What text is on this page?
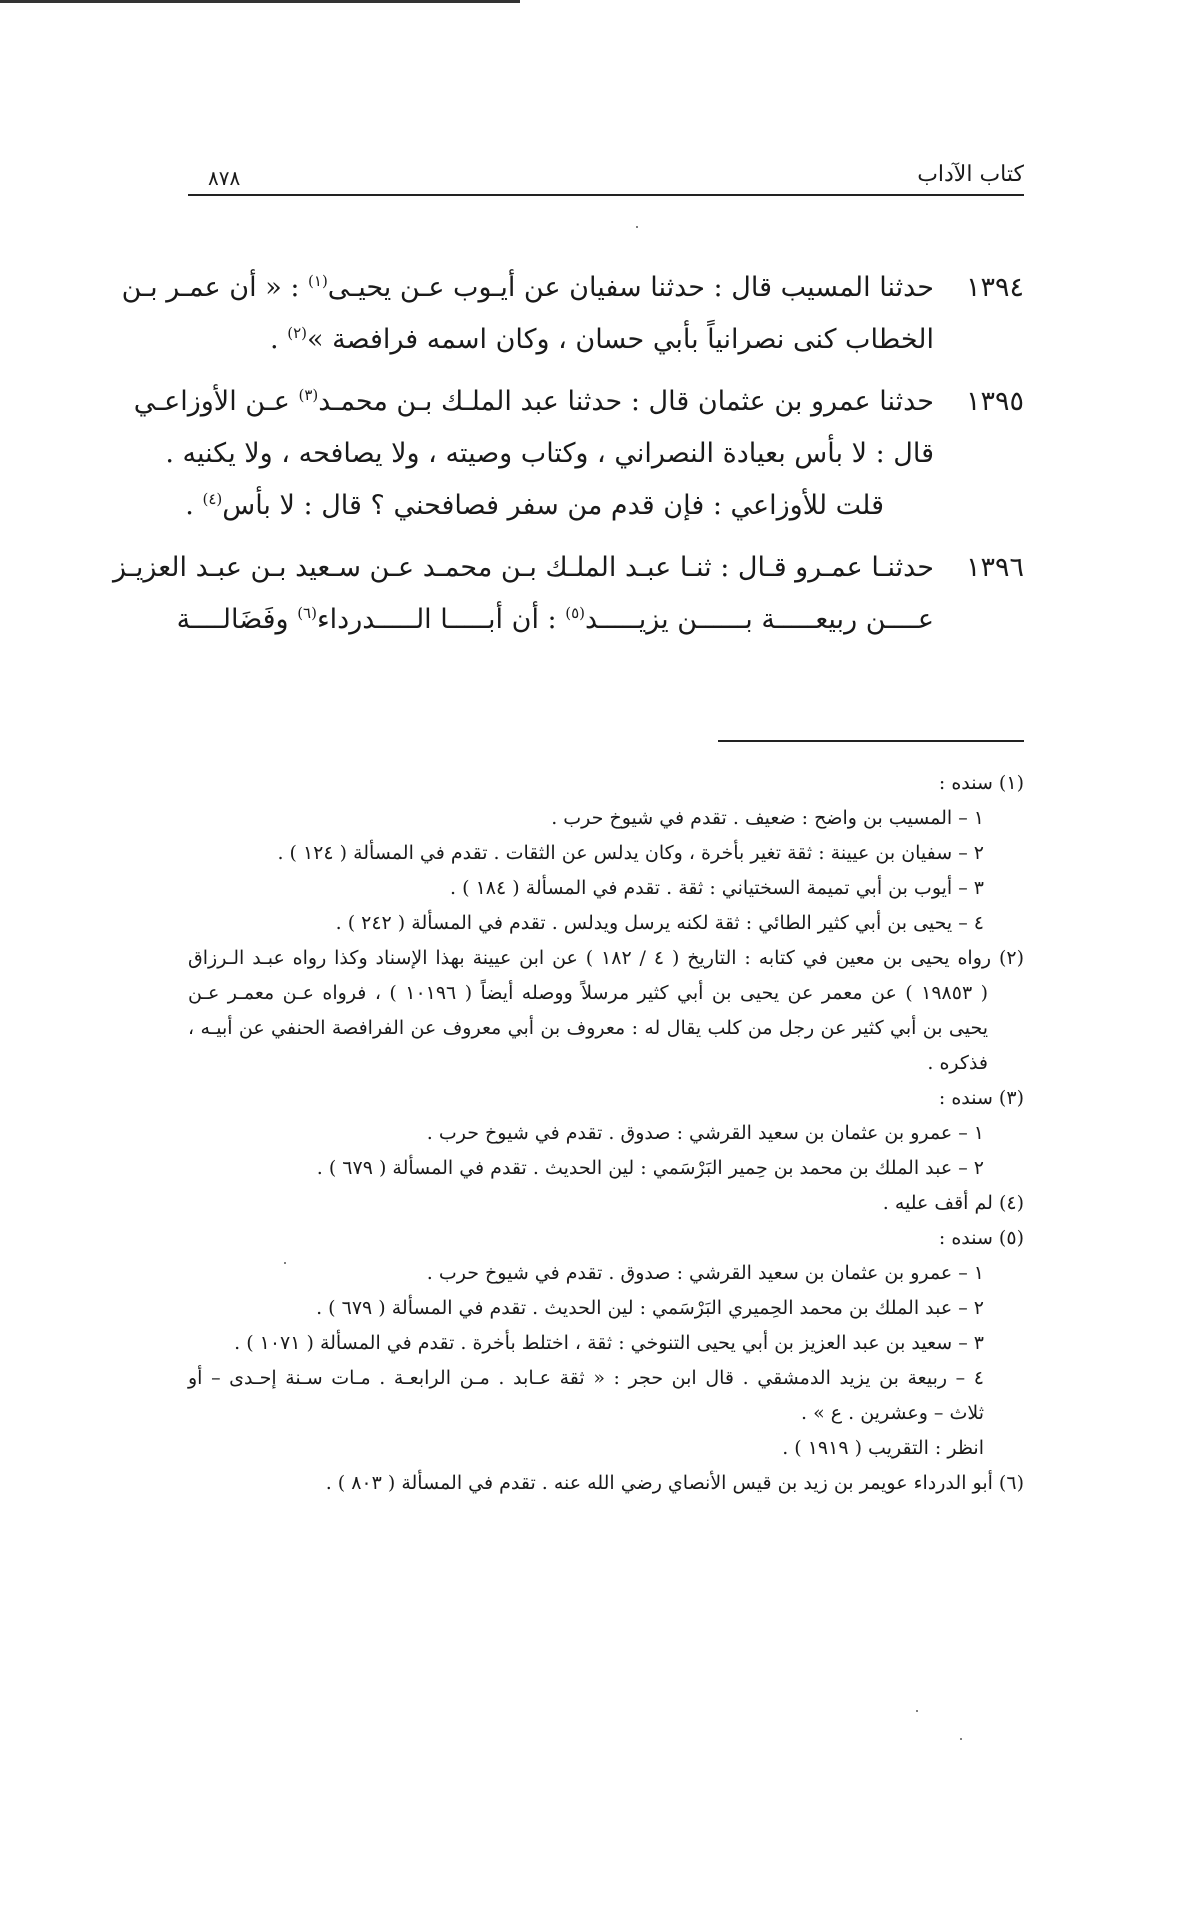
كتاب الآداب
٨٧٨
١٣٩٤
حدثنا المسيب قال : حدثنا سفيان عن أيـوب عـن يحيـى$^{(١)}$ : « أن عمـر بـن
الخطاب كنى نصرانياً بأبي حسان ، وكان اسمه فرافصة »$^{(٢)}$ .
١٣٩٥
حدثنا عمرو بن عثمان قال : حدثنا عبد الملـك بـن محمـد$^{(٣)}$ عـن الأوزاعـي
قال : لا بأس بعيادة النصراني ، وكتاب وصيته ، ولا يصافحه ، ولا يكنيه .
قلت للأوزاعي : فإن قدم من سفر فصافحني ؟ قال : لا بأس$^{(٤)}$ .
١٣٩٦
حدثنـا عمـرو قـال : ثنـا عبـد الملـك بـن محمـد عـن سـعيد بـن عبـد العزيـز
عــــن ربيعـــــة بــــــن يزيـــــد$^{(٥)}$ : أن أبـــــا الـــــدرداء$^{(٦)}$ وفَضَالــــة
(١) سنده :
١ – المسيب بن واضح : ضعيف . تقدم في شيوخ حرب .
٢ – سفيان بن عيينة : ثقة تغير بأخرة ، وكان يدلس عن الثقات . تقدم في المسألة ( ١٢٤ ) .
٣ – أيوب بن أبي تميمة السختياني : ثقة . تقدم في المسألة ( ١٨٤ ) .
٤ – يحيى بن أبي كثير الطائي : ثقة لكنه يرسل ويدلس . تقدم في المسألة ( ٢٤٢ ) .
(٢) رواه يحيى بن معين في كتابه : التاريخ ( ٤ / ١٨٢ ) عن ابن عيينة بهذا الإسناد وكذا رواه عبـد الـرزاق
( ١٩٨٥٣ ) عن معمر عن يحيى بن أبي كثير مرسلاً ووصله أيضاً ( ١٠١٩٦ ) ، فرواه عـن معمـر عـن
يحيى بن أبي كثير عن رجل من كلب يقال له : معروف بن أبي معروف عن الفرافصة الحنفي عن أبيـه ،
فذكره .
(٣) سنده :
١ – عمرو بن عثمان بن سعيد القرشي : صدوق . تقدم في شيوخ حرب .
٢ – عبد الملك بن محمد بن حِمير البَرْسَمي : لين الحديث . تقدم في المسألة ( ٦٧٩ ) .
(٤) لم أقف عليه .
(٥) سنده :
١ – عمرو بن عثمان بن سعيد القرشي : صدوق . تقدم في شيوخ حرب .
٢ – عبد الملك بن محمد الحِميري البَرْسَمي : لين الحديث . تقدم في المسألة ( ٦٧٩ ) .
٣ – سعيد بن عبد العزيز بن أبي يحيى التنوخي : ثقة ، اختلط بأخرة . تقدم في المسألة ( ١٠٧١ ) .
٤ – ربيعة بن يزيد الدمشقي . قال ابن حجر : « ثقة عـابد . مـن الرابعـة . مـات سـنة إحـدى – أو
ثلاث – وعشرين . ع » .
انظر : التقريب ( ١٩١٩ ) .
(٦) أبو الدرداء عويمر بن زيد بن قيس الأنصاي رضي الله عنه . تقدم في المسألة ( ٨٠٣ ) .
